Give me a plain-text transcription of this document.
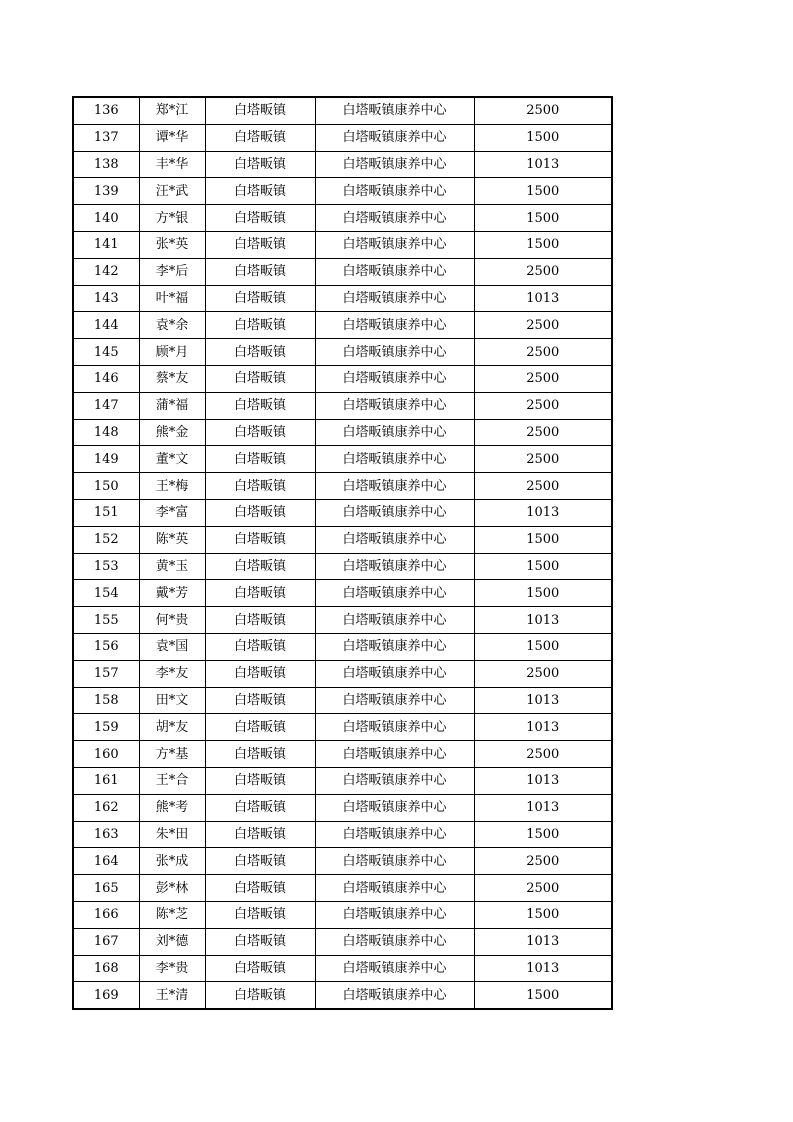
136	郑*江	白塔畈镇	白塔畈镇康养中心	2500
137	谭*华	白塔畈镇	白塔畈镇康养中心	1500
138	丰*华	白塔畈镇	白塔畈镇康养中心	1013
139	汪*武	白塔畈镇	白塔畈镇康养中心	1500
140	方*银	白塔畈镇	白塔畈镇康养中心	1500
141	张*英	白塔畈镇	白塔畈镇康养中心	1500
142	李*后	白塔畈镇	白塔畈镇康养中心	2500
143	叶*福	白塔畈镇	白塔畈镇康养中心	1013
144	袁*余	白塔畈镇	白塔畈镇康养中心	2500
145	顾*月	白塔畈镇	白塔畈镇康养中心	2500
146	蔡*友	白塔畈镇	白塔畈镇康养中心	2500
147	蒲*福	白塔畈镇	白塔畈镇康养中心	2500
148	熊*金	白塔畈镇	白塔畈镇康养中心	2500
149	董*文	白塔畈镇	白塔畈镇康养中心	2500
150	王*梅	白塔畈镇	白塔畈镇康养中心	2500
151	李*富	白塔畈镇	白塔畈镇康养中心	1013
152	陈*英	白塔畈镇	白塔畈镇康养中心	1500
153	黄*玉	白塔畈镇	白塔畈镇康养中心	1500
154	戴*芳	白塔畈镇	白塔畈镇康养中心	1500
155	何*贵	白塔畈镇	白塔畈镇康养中心	1013
156	袁*国	白塔畈镇	白塔畈镇康养中心	1500
157	李*友	白塔畈镇	白塔畈镇康养中心	2500
158	田*文	白塔畈镇	白塔畈镇康养中心	1013
159	胡*友	白塔畈镇	白塔畈镇康养中心	1013
160	方*基	白塔畈镇	白塔畈镇康养中心	2500
161	王*合	白塔畈镇	白塔畈镇康养中心	1013
162	熊*考	白塔畈镇	白塔畈镇康养中心	1013
163	朱*田	白塔畈镇	白塔畈镇康养中心	1500
164	张*成	白塔畈镇	白塔畈镇康养中心	2500
165	彭*林	白塔畈镇	白塔畈镇康养中心	2500
166	陈*芝	白塔畈镇	白塔畈镇康养中心	1500
167	刘*德	白塔畈镇	白塔畈镇康养中心	1013
168	李*贵	白塔畈镇	白塔畈镇康养中心	1013
169	王*清	白塔畈镇	白塔畈镇康养中心	1500
